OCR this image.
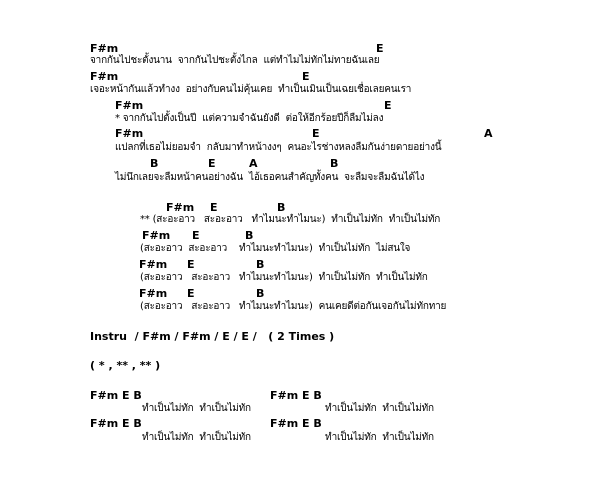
F#m	E
จากกันไปชะตั้งนาน  จากกันไปชะตั้งไกล  แต่ทำไมไม่ทักไม่ทายฉันเลย
F#m	E
เจอะหน้ากันแล้วทำงง  อย่างกับคนไม่คุ้นเคย  ทำเป็นเมินเป็นเฉยเชื่อเลยคนเรา
F#m	E
* จากกันไปตั้งเป็นปี  แต่ความจำฉันยังดี  ต่อให้อีกร้อยปีก็ลืมไม่ลง
F#m	E	A
แปลกที่เธอไม่ยอมจำ  กลับมาทำหน้างงๆ  คนอะไรช่างหลงลืมกันง่ายดายอย่างนี้
B	E	A	B
ไม่นึกเลยจะลืมหน้าคนอย่างฉัน  ไอ้เธอคนสำคัญทั้งคน  จะลืมจะลืมฉันได้ไง
F#m E	B
** (สะอะอาว   สะอะอาว   ทำไมนะทำไมนะ)  ทำเป็นไม่ทัก  ทำเป็นไม่ทัก
F#m E	B
(สะอะอาว  สะอะอาว    ทำไมนะทำไมนะ)  ทำเป็นไม่ทัก  ไม่สนใจ
F#m E	B
(สะอะอาว   สะอะอาว   ทำไมนะทำไมนะ)  ทำเป็นไม่ทัก  ทำเป็นไม่ทัก
F#m E	B
(สะอะอาว   สะอะอาว   ทำไมนะทำไมนะ)  คนเคยดีต่อกันเจอกันไม่ทักทาย
Instru  / F#m / F#m / E / E /   ( 2 Times )
( * , ** , ** )
F#m E B	F#m E B
ทำเป็นไม่ทัก  ทำเป็นไม่ทัก	ทำเป็นไม่ทัก  ทำเป็นไม่ทัก
F#m E B	F#m E B
ทำเป็นไม่ทัก  ทำเป็นไม่ทัก	ทำเป็นไม่ทัก  ทำเป็นไม่ทัก
